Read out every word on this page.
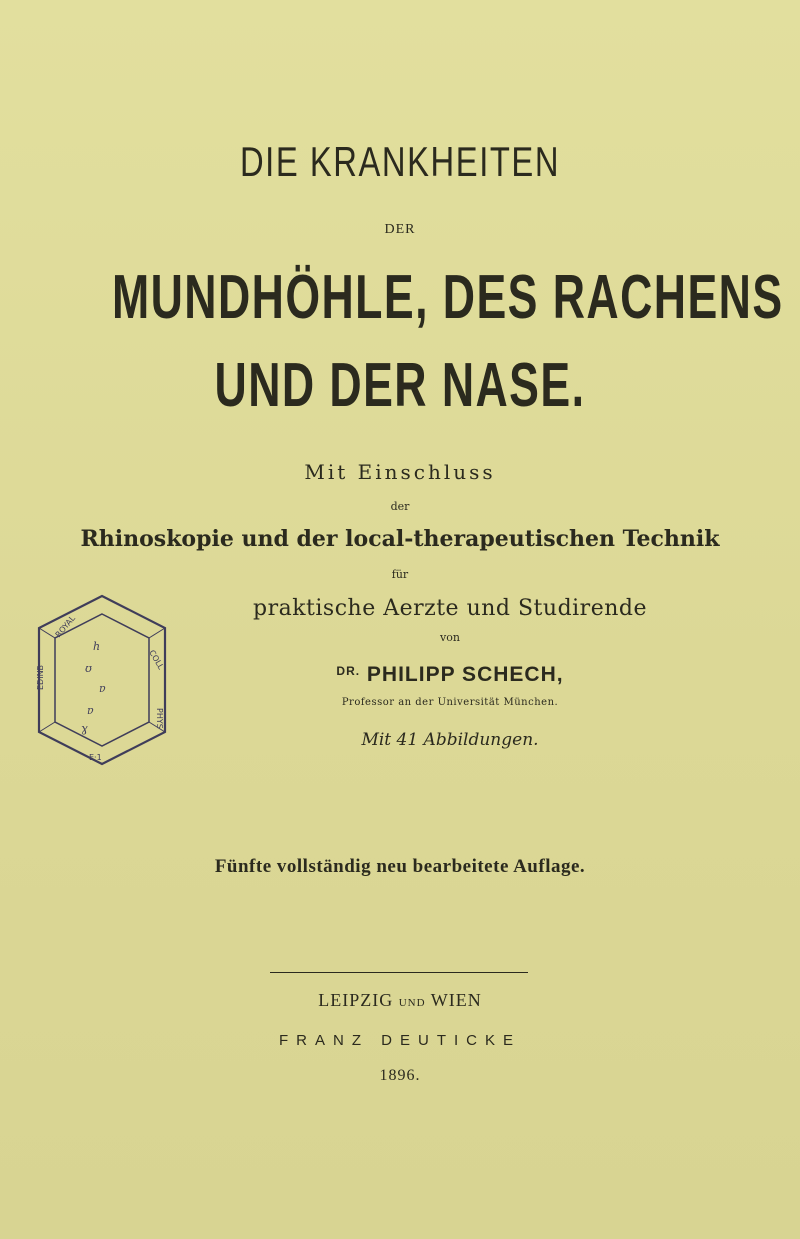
DIE KRANKHEITEN
DER
MUNDHÖHLE, DES RACHENS
UND DER NASE.
Mit Einschluss
der
Rhinoskopie und der local-therapeutischen Technik
für
praktische Aerzte und Studirende
von
$^{DR.}$ PHILIPP SCHECH,
Professor an der Universität München.
Mit 41 Abbildungen.
Fünfte vollständig neu bearbeitete Auflage.
LEIPZIG UND WIEN
FRANZ DEUTICKE
1896.
h
ʊ
ɐ
ɐ
ɣ
ROYAL
EDINB
COLL
PHYS
E·1
